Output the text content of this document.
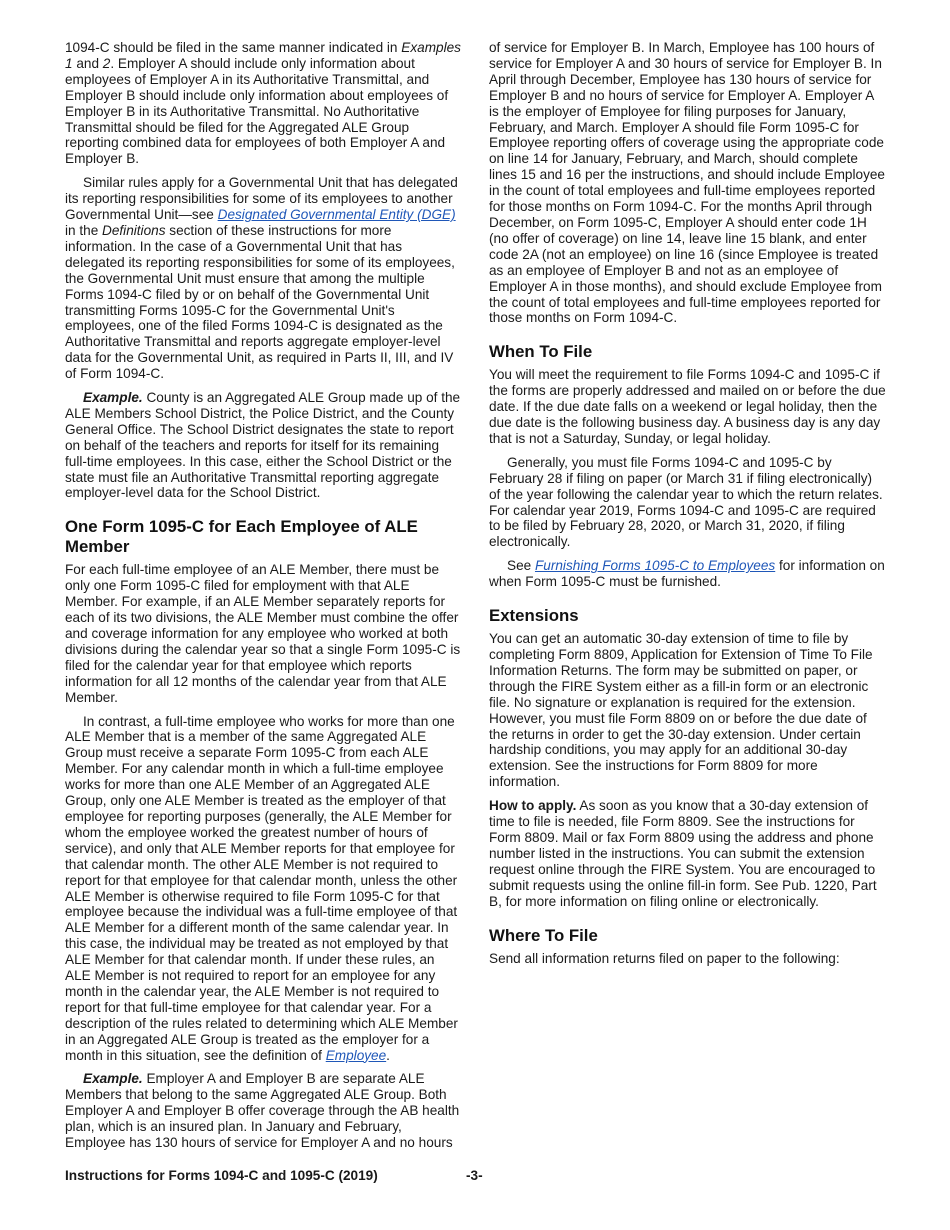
1094-C should be filed in the same manner indicated in Examples 1 and 2. Employer A should include only information about employees of Employer A in its Authoritative Transmittal, and Employer B should include only information about employees of Employer B in its Authoritative Transmittal. No Authoritative Transmittal should be filed for the Aggregated ALE Group reporting combined data for employees of both Employer A and Employer B.

Similar rules apply for a Governmental Unit that has delegated its reporting responsibilities for some of its employees to another Governmental Unit—see Designated Governmental Entity (DGE) in the Definitions section of these instructions for more information. In the case of a Governmental Unit that has delegated its reporting responsibilities for some of its employees, the Governmental Unit must ensure that among the multiple Forms 1094-C filed by or on behalf of the Governmental Unit transmitting Forms 1095-C for the Governmental Unit's employees, one of the filed Forms 1094-C is designated as the Authoritative Transmittal and reports aggregate employer-level data for the Governmental Unit, as required in Parts II, III, and IV of Form 1094-C.

Example. County is an Aggregated ALE Group made up of the ALE Members School District, the Police District, and the County General Office. The School District designates the state to report on behalf of the teachers and reports for itself for its remaining full-time employees. In this case, either the School District or the state must file an Authoritative Transmittal reporting aggregate employer-level data for the School District.

One Form 1095-C for Each Employee of ALE Member

For each full-time employee of an ALE Member, there must be only one Form 1095-C filed for employment with that ALE Member. For example, if an ALE Member separately reports for each of its two divisions, the ALE Member must combine the offer and coverage information for any employee who worked at both divisions during the calendar year so that a single Form 1095-C is filed for the calendar year for that employee which reports information for all 12 months of the calendar year from that ALE Member.

In contrast, a full-time employee who works for more than one ALE Member that is a member of the same Aggregated ALE Group must receive a separate Form 1095-C from each ALE Member. For any calendar month in which a full-time employee works for more than one ALE Member of an Aggregated ALE Group, only one ALE Member is treated as the employer of that employee for reporting purposes (generally, the ALE Member for whom the employee worked the greatest number of hours of service), and only that ALE Member reports for that employee for that calendar month. The other ALE Member is not required to report for that employee for that calendar month, unless the other ALE Member is otherwise required to file Form 1095-C for that employee because the individual was a full-time employee of that ALE Member for a different month of the same calendar year. In this case, the individual may be treated as not employed by that ALE Member for that calendar month. If under these rules, an ALE Member is not required to report for an employee for any month in the calendar year, the ALE Member is not required to report for that full-time employee for that calendar year. For a description of the rules related to determining which ALE Member in an Aggregated ALE Group is treated as the employer for a month in this situation, see the definition of Employee.

Example. Employer A and Employer B are separate ALE Members that belong to the same Aggregated ALE Group. Both Employer A and Employer B offer coverage through the AB health plan, which is an insured plan. In January and February, Employee has 130 hours of service for Employer A and no hours

of service for Employer B. In March, Employee has 100 hours of service for Employer A and 30 hours of service for Employer B. In April through December, Employee has 130 hours of service for Employer B and no hours of service for Employer A. Employer A is the employer of Employee for filing purposes for January, February, and March. Employer A should file Form 1095-C for Employee reporting offers of coverage using the appropriate code on line 14 for January, February, and March, should complete lines 15 and 16 per the instructions, and should include Employee in the count of total employees and full-time employees reported for those months on Form 1094-C. For the months April through December, on Form 1095-C, Employer A should enter code 1H (no offer of coverage) on line 14, leave line 15 blank, and enter code 2A (not an employee) on line 16 (since Employee is treated as an employee of Employer B and not as an employee of Employer A in those months), and should exclude Employee from the count of total employees and full-time employees reported for those months on Form 1094-C.

When To File

You will meet the requirement to file Forms 1094-C and 1095-C if the forms are properly addressed and mailed on or before the due date. If the due date falls on a weekend or legal holiday, then the due date is the following business day. A business day is any day that is not a Saturday, Sunday, or legal holiday.

Generally, you must file Forms 1094-C and 1095-C by February 28 if filing on paper (or March 31 if filing electronically) of the year following the calendar year to which the return relates. For calendar year 2019, Forms 1094-C and 1095-C are required to be filed by February 28, 2020, or March 31, 2020, if filing electronically.

See Furnishing Forms 1095-C to Employees for information on when Form 1095-C must be furnished.

Extensions

You can get an automatic 30-day extension of time to file by completing Form 8809, Application for Extension of Time To File Information Returns. The form may be submitted on paper, or through the FIRE System either as a fill-in form or an electronic file. No signature or explanation is required for the extension. However, you must file Form 8809 on or before the due date of the returns in order to get the 30-day extension. Under certain hardship conditions, you may apply for an additional 30-day extension. See the instructions for Form 8809 for more information.

How to apply. As soon as you know that a 30-day extension of time to file is needed, file Form 8809. See the instructions for Form 8809. Mail or fax Form 8809 using the address and phone number listed in the instructions. You can submit the extension request online through the FIRE System. You are encouraged to submit requests using the online fill-in form. See Pub. 1220, Part B, for more information on filing online or electronically.

Where To File

Send all information returns filed on paper to the following:

Instructions for Forms 1094-C and 1095-C (2019)	-3-
